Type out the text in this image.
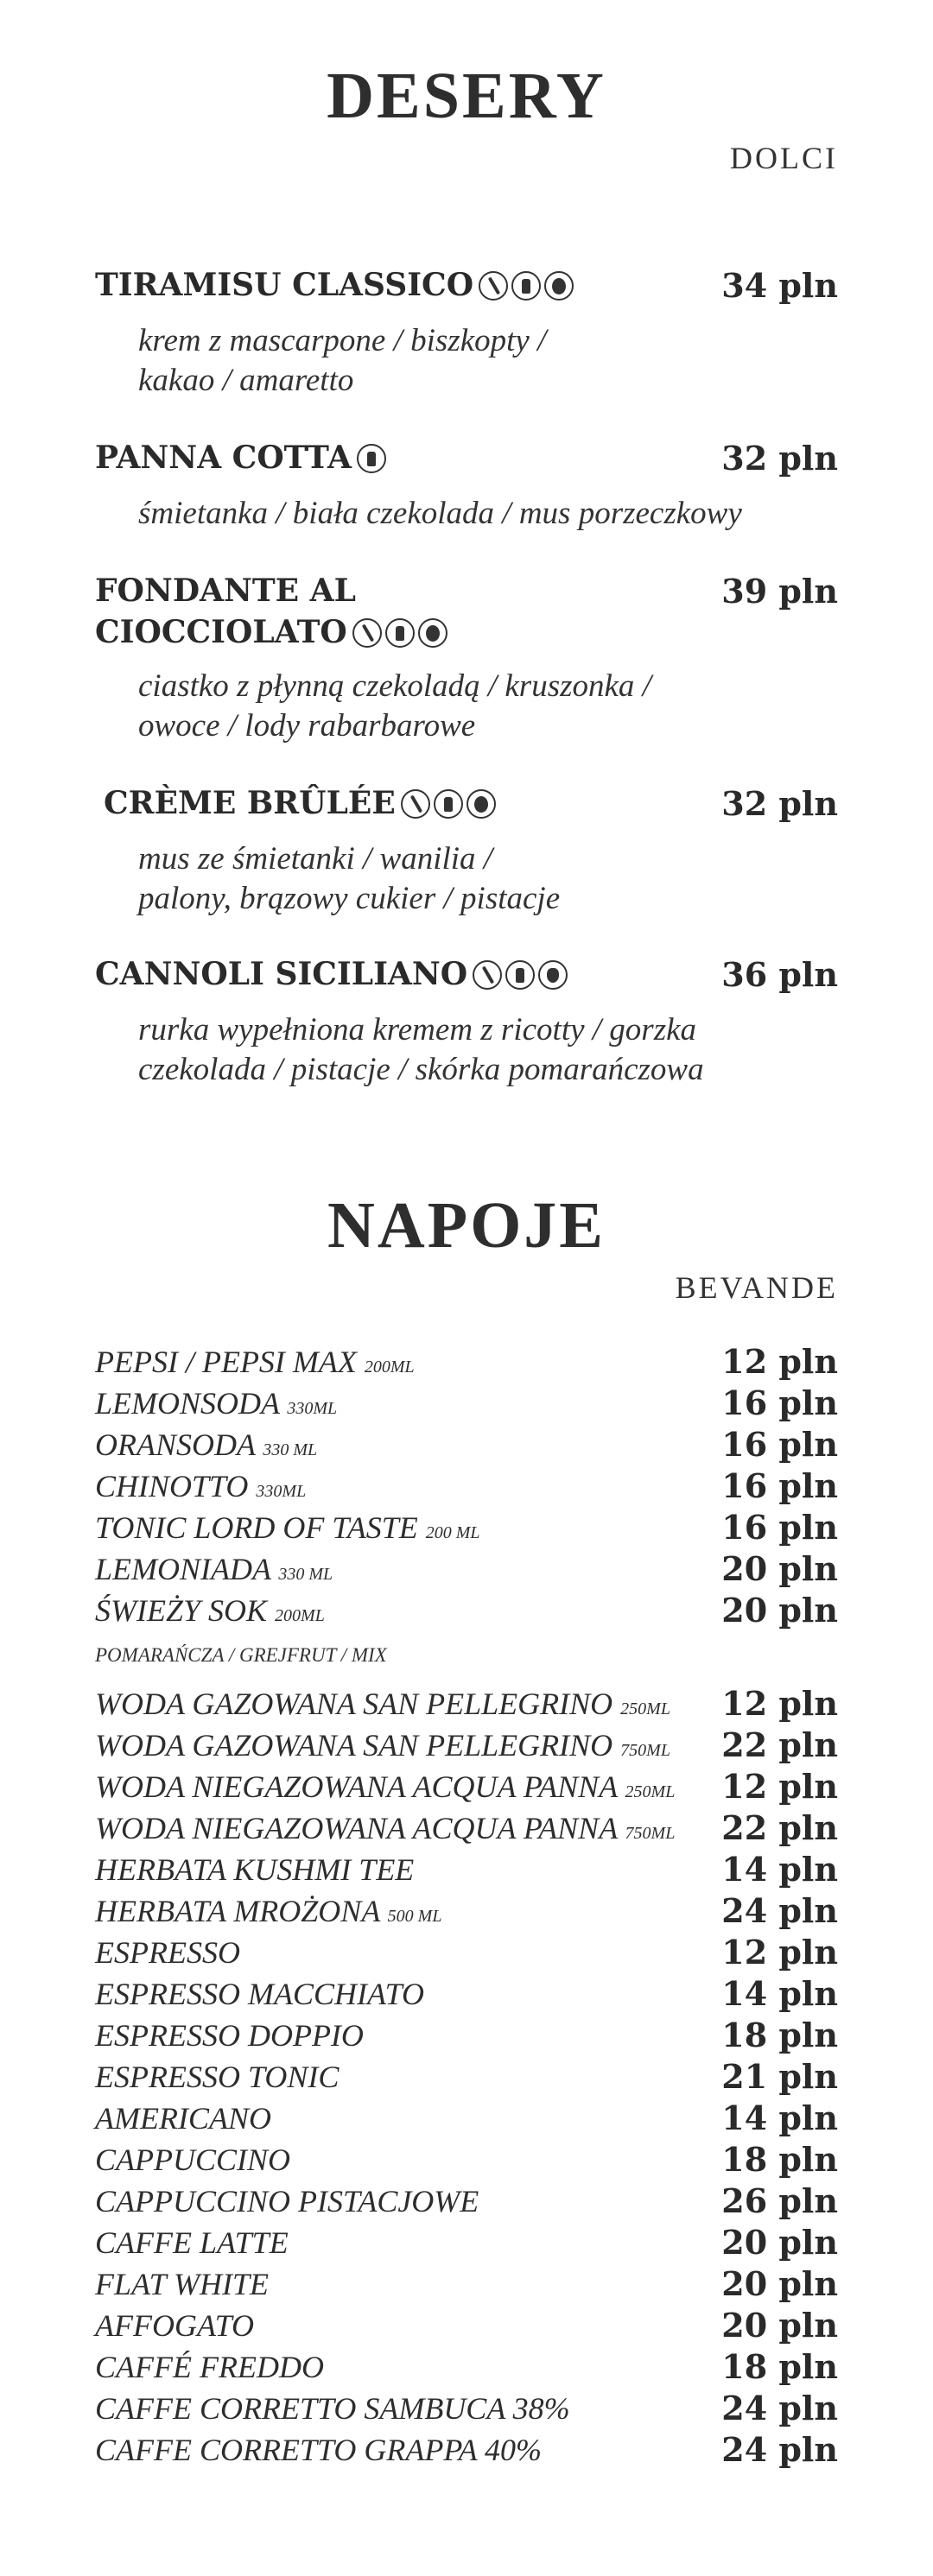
DESERY
DOLCI
TIRAMISU CLASSICO	34 pln
krem z mascarpone / biszkopty /
kakao / amaretto
PANNA COTTA	32 pln
śmietanka / biała czekolada / mus porzeczkowy
FONDANTE AL
CIOCCIOLATO
39 pln
ciastko z płynną czekoladą / kruszonka /
owoce / lody rabarbarowe
CRÈME BRÛLÉE	32 pln
mus ze śmietanki / wanilia /
palony, brązowy cukier / pistacje
CANNOLI SICILIANO	36 pln
rurka wypełniona kremem z ricotty / gorzka
czekolada / pistacje / skórka pomarańczowa
NAPOJE
BEVANDE
PEPSI / PEPSI MAX 200ML	12 pln
LEMONSODA 330ML	16 pln
ORANSODA 330 ML	16 pln
CHINOTTO 330ML	16 pln
TONIC LORD OF TASTE 200 ML	16 pln
LEMONIADA 330 ML	20 pln
ŚWIEŻY SOK 200ML	20 pln
POMARAŃCZA / GREJFRUT / MIX
WODA GAZOWANA SAN PELLEGRINO 250ML 12 pln
WODA GAZOWANA SAN PELLEGRINO 750ML 22 pln
WODA NIEGAZOWANA ACQUA PANNA 250ML 12 pln
WODA NIEGAZOWANA ACQUA PANNA 750ML 22 pln
HERBATA KUSHMI TEE	14 pln
HERBATA MROŻONA 500 ML	24 pln
ESPRESSO	12 pln
ESPRESSO MACCHIATO	14 pln
ESPRESSO DOPPIO	18 pln
ESPRESSO TONIC	21 pln
AMERICANO	14 pln
CAPPUCCINO	18 pln
CAPPUCCINO PISTACJOWE	26 pln
CAFFE LATTE	20 pln
FLAT WHITE	20 pln
AFFOGATO	20 pln
CAFFÉ FREDDO	18 pln
CAFFE CORRETTO SAMBUCA 38%	24 pln
CAFFE CORRETTO GRAPPA 40%	24 pln
